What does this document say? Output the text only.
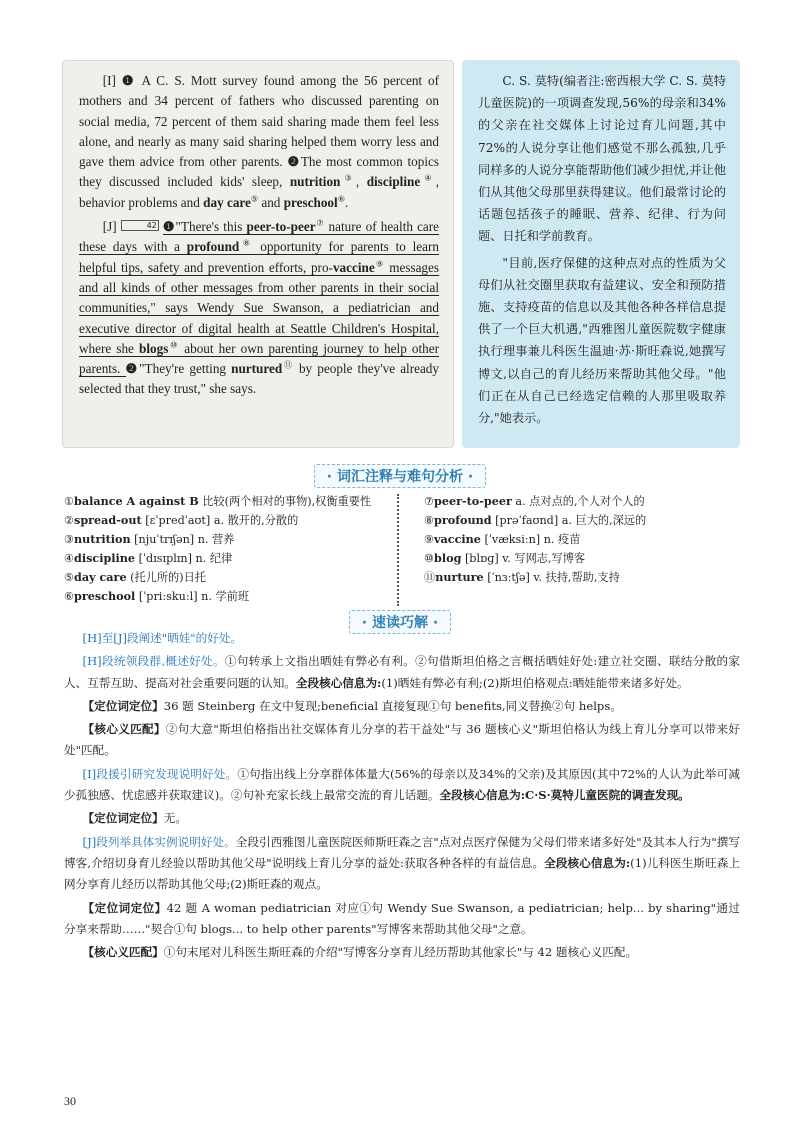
[I] ❶ A C. S. Mott survey found among the 56 percent of mothers and 34 percent of fathers who discussed parenting on social media, 72 percent of them said sharing made them feel less alone, and nearly as many said sharing helped them worry less and gave them advice from other parents. ❷The most common topics they discussed included kids' sleep, nutrition③, discipline④, behavior problems and day care⑤ and preschool⑥.

[J]	42 ❶"There's this peer-to-peer⑦ nature of health care these days with a profound⑧ opportunity for parents to learn helpful tips, safety and prevention efforts, pro-vaccine⑨ messages and all kinds of other messages from other parents in their social communities," says Wendy Sue Swanson, a pediatrician and executive director of digital health at Seattle Children's Hospital, where she blogs⑩ about her own parenting journey to help other parents. ❷"They're getting nurtured⑪ by people they've already selected that they trust," she says.

C. S. 莫特(编者注:密西根大学 C. S. 莫特儿童医院)的一项调查发现,56%的母亲和34%的父亲在社交媒体上讨论过育儿问题,其中72%的人说分享让他们感觉不那么孤独,几乎同样多的人说分享能帮助他们减少担忧,并让他们从其他父母那里获得建议。他们最常讨论的话题包括孩子的睡眠、营养、纪律、行为问题、日托和学前教育。

"目前,医疗保健的这种点对点的性质为父母们从社交圈里获取有益建议、安全和预防措施、支持疫苗的信息以及其他各种各样信息提供了一个巨大机遇,"西雅图儿童医院数字健康执行理事兼儿科医生温迪·苏·斯旺森说,她撰写博文,以自己的育儿经历来帮助其他父母。"他们正在从自己已经选定信赖的人那里吸取养分,"她表示。

· 词汇注释与难句分析 ·
①balance A against B 比较(两个相对的事物),权衡重要性
②spread-out [ɛˈpredˈaʊt] a. 散开的,分散的
③nutrition [njuˈtrɪʃən] n. 营养
④discipline [ˈdɪsɪplɪn] n. 纪律
⑤day care (托儿所的)日托
⑥preschool [ˈpriːskuːl] n. 学前班
⑦peer-to-peer a. 点对点的,个人对个人的
⑧profound [prəˈfaʊnd] a. 巨大的,深远的
⑨vaccine [ˈvæksiːn] n. 疫苗
⑩blog [blɒɡ] v. 写网志,写博客
⑪nurture [ˈnɜːtʃə] v. 扶持,帮助,支持
· 速读巧解 ·

[H]至[J]段阐述"晒娃"的好处。

[H]段统领段群,概述好处。①句转承上文指出晒娃有弊必有利。②句借斯坦伯格之言概括晒娃好处:建立社交圈、联结分散的家人、互帮互助、提高对社会重要问题的认知。全段核心信息为:(1)晒娃有弊必有利;(2)斯坦伯格观点:晒娃能带来诸多好处。

【定位词定位】36 题 Steinberg 在文中复现;beneficial 直接复现①句 benefits,同义替换②句 helps。

【核心义匹配】②句大意"斯坦伯格指出社交媒体育儿分享的若干益处"与 36 题核心义"斯坦伯格认为线上育儿分享可以带来好处"匹配。

[I]段援引研究发现说明好处。①句指出线上分享群体体量大(56%的母亲以及34%的父亲)及其原因(其中72%的人认为此举可减少孤独感、忧虑感并获取建议)。②句补充家长线上最常交流的育儿话题。全段核心信息为:C·S·莫特儿童医院的调查发现。

【定位词定位】无。

[J]段列举具体实例说明好处。全段引西雅图儿童医院医师斯旺森之言"点对点医疗保健为父母们带来诸多好处"及其本人行为"撰写博客,介绍切身育儿经验以帮助其他父母"说明线上育儿分享的益处:获取各种各样的有益信息。全段核心信息为:(1)儿科医生斯旺森上网分享育儿经历以帮助其他父母;(2)斯旺森的观点。

【定位词定位】42 题 A woman pediatrician 对应①句 Wendy Sue Swanson, a pediatrician; help... by sharing"通过分享来帮助……"契合①句 blogs... to help other parents"写博客来帮助其他父母"之意。

【核心义匹配】①句末尾对儿科医生斯旺森的介绍"写博客分享育儿经历帮助其他家长"与 42 题核心义匹配。

30
